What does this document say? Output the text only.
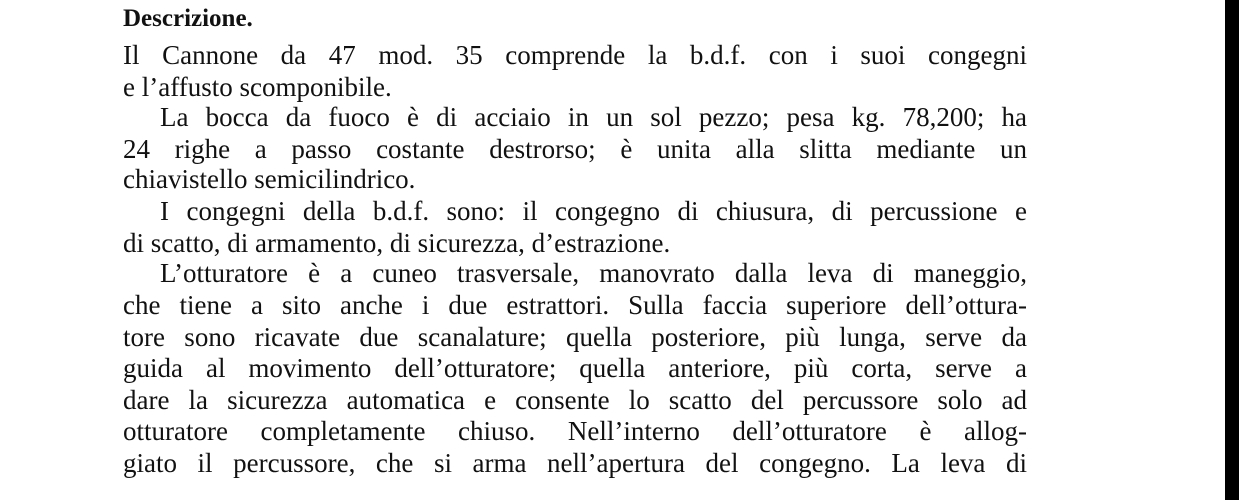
Descrizione.
Il Cannone da 47 mod. 35 comprende la b.d.f. con i suoi congegni
e l’affusto scomponibile.
La bocca da fuoco è di acciaio in un sol pezzo; pesa kg. 78,200; ha
24 righe a passo costante destrorso; è unita alla slitta mediante un
chiavistello semicilindrico.
I congegni della b.d.f. sono: il congegno di chiusura, di percussione e
di scatto, di armamento, di sicurezza, d’estrazione.
L’otturatore è a cuneo trasversale, manovrato dalla leva di maneggio,
che tiene a sito anche i due estrattori. Sulla faccia superiore dell’ottura-
tore sono ricavate due scanalature; quella posteriore, più lunga, serve da
guida al movimento dell’otturatore; quella anteriore, più corta, serve a
dare la sicurezza automatica e consente lo scatto del percussore solo ad
otturatore completamente chiuso. Nell’interno dell’otturatore è allog-
giato il percussore, che si arma nell’apertura del congegno. La leva di
